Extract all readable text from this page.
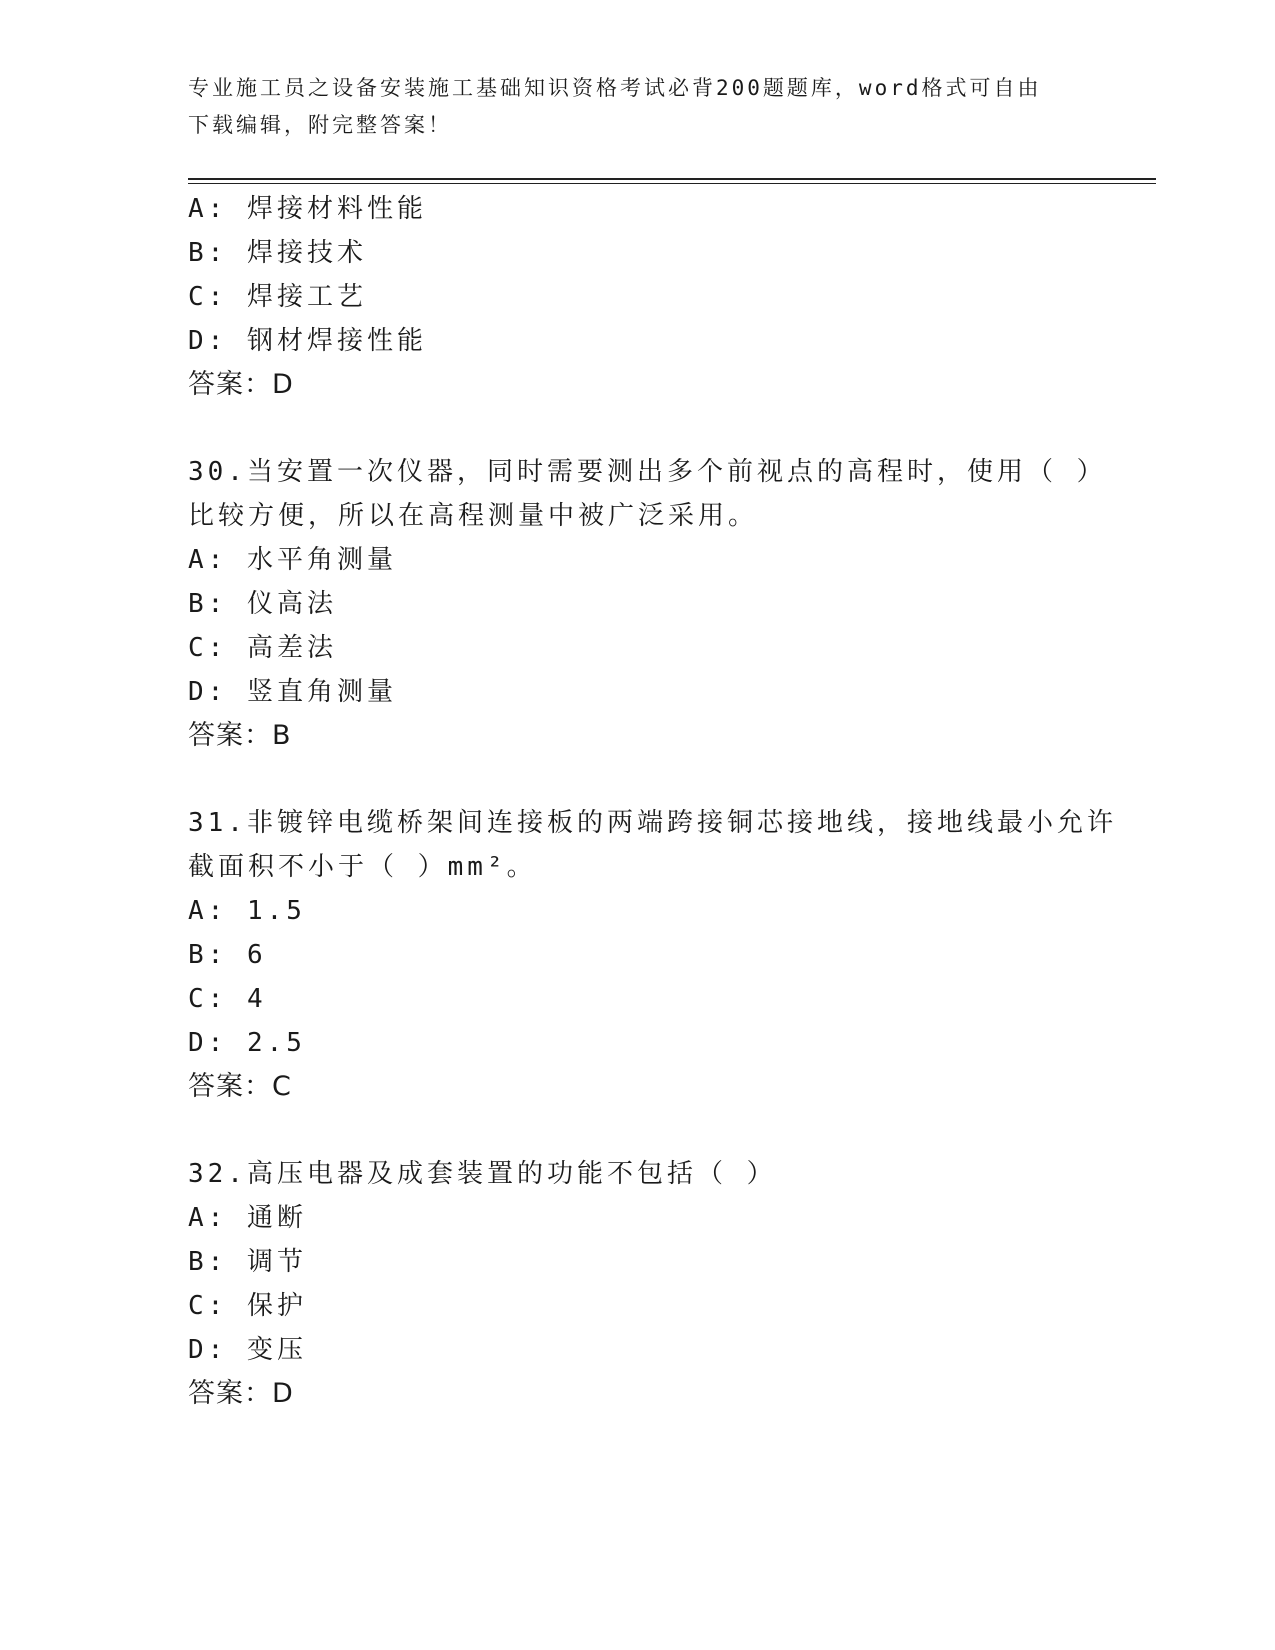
专业施工员之设备安装施工基础知识资格考试必背200题题库，word格式可自由
下载编辑，附完整答案！
A: 焊接材料性能
B: 焊接技术
C: 焊接工艺
D: 钢材焊接性能
答案：D
30.当安置一次仪器，同时需要测出多个前视点的高程时，使用（ ）
比较方便，所以在高程测量中被广泛采用。
A: 水平角测量
B: 仪高法
C: 高差法
D: 竖直角测量
答案：B
31.非镀锌电缆桥架间连接板的两端跨接铜芯接地线，接地线最小允许
截面积不小于（ ）mm²。
A: 1.5
B: 6
C: 4
D: 2.5
答案：C
32.高压电器及成套装置的功能不包括（ ）
A: 通断
B: 调节
C: 保护
D: 变压
答案：D
